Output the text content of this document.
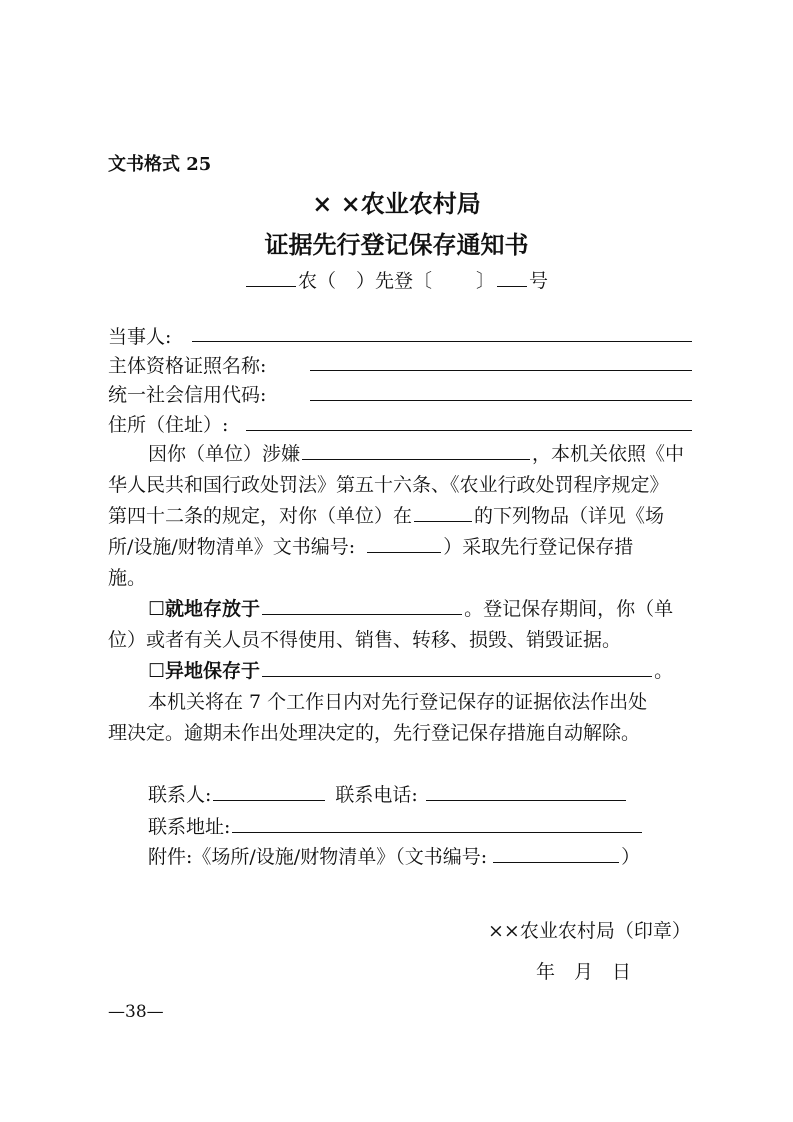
文书格式 25
× ×农业农村局
证据先行登记保存通知书
农（ ）先登〔 〕 号
当事人:
主体资格证照名称:
统一社会信用代码:
住所（住址）:
因你（单位）涉嫌	，本机关依照《中
华人民共和国行政处罚法》第五十六条、《农业行政处罚程序规定》
第四十二条的规定，对你（单位）在	的下列物品（详见《场
所/设施/财物清单》文书编号:	）采取先行登记保存措
施。
☐就地存放于	。登记保存期间，你（单
位）或者有关人员不得使用、销售、转移、损毁、销毁证据。
☐异地保存于	。
本机关将在 7 个工作日内对先行登记保存的证据依法作出处
理决定。逾期未作出处理决定的，先行登记保存措施自动解除。
联系人:	联系电话:
联系地址:
附件:《场所/设施/财物清单》（文书编号:	）
××农业农村局（印章）
年　月　日
—38—
